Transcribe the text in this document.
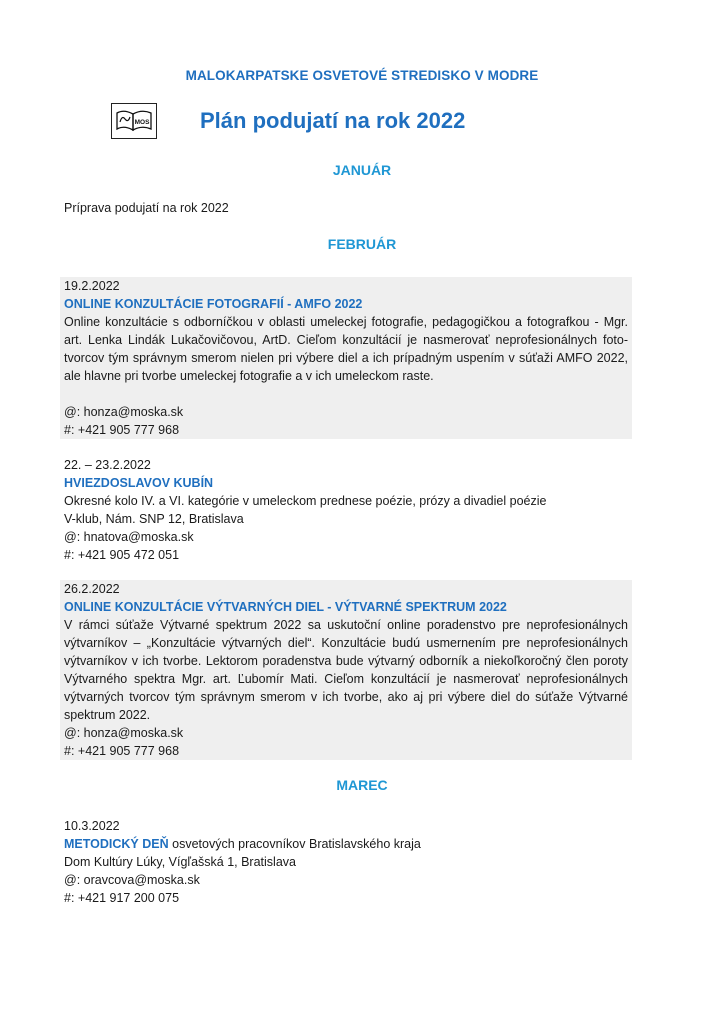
MALOKARPATSKE OSVETOVÉ STREDISKO V MODRE
MOS Plán podujatí na rok 2022
JANUÁR
Príprava podujatí na rok 2022
FEBRUÁR
19.2.2022
ONLINE KONZULTÁCIE FOTOGRAFIÍ - AMFO 2022
Online konzultácie s odborníčkou v oblasti umeleckej fotografie, pedagogičkou a fotografkou - Mgr. art. Lenka Lindák Lukačovičovou, ArtD. Cieľom konzultácií je nasmerovať neprofesionálnych foto-tvorcov tým správnym smerom nielen pri výbere diel a ich prípadným uspením v súťaži AMFO 2022, ale hlavne pri tvorbe umeleckej fotografie a v ich umeleckom raste.
@: honza@moska.sk
#: +421 905 777 968
22. – 23.2.2022
HVIEZDOSLAVOV KUBÍN
Okresné kolo IV. a VI. kategórie v umeleckom prednese poézie, prózy a divadiel poézie
V-klub, Nám. SNP 12, Bratislava
@: hnatova@moska.sk
#: +421 905 472 051
26.2.2022
ONLINE KONZULTÁCIE VÝTVARNÝCH DIEL - VÝTVARNÉ SPEKTRUM 2022
V rámci súťaže Výtvarné spektrum 2022 sa uskutoční online poradenstvo pre neprofesionálnych výtvarníkov – „Konzultácie výtvarných diel“. Konzultácie budú usmernením pre neprofesionálnych výtvarníkov v ich tvorbe. Lektorom poradenstva bude výtvarný odborník a niekoľkoročný člen poroty Výtvarného spektra Mgr. art. Ľubomír Mati. Cieľom konzultácií je nasmerovať neprofesionálnych výtvarných tvorcov tým správnym smerom v ich tvorbe, ako aj pri výbere diel do súťaže Výtvarné spektrum 2022.
@: honza@moska.sk
#: +421 905 777 968
MAREC
10.3.2022
METODICKÝ DEŇ osvetových pracovníkov Bratislavského kraja
Dom Kultúry Lúky, Vígľašská 1, Bratislava
@: oravcova@moska.sk
#: +421 917 200 075
